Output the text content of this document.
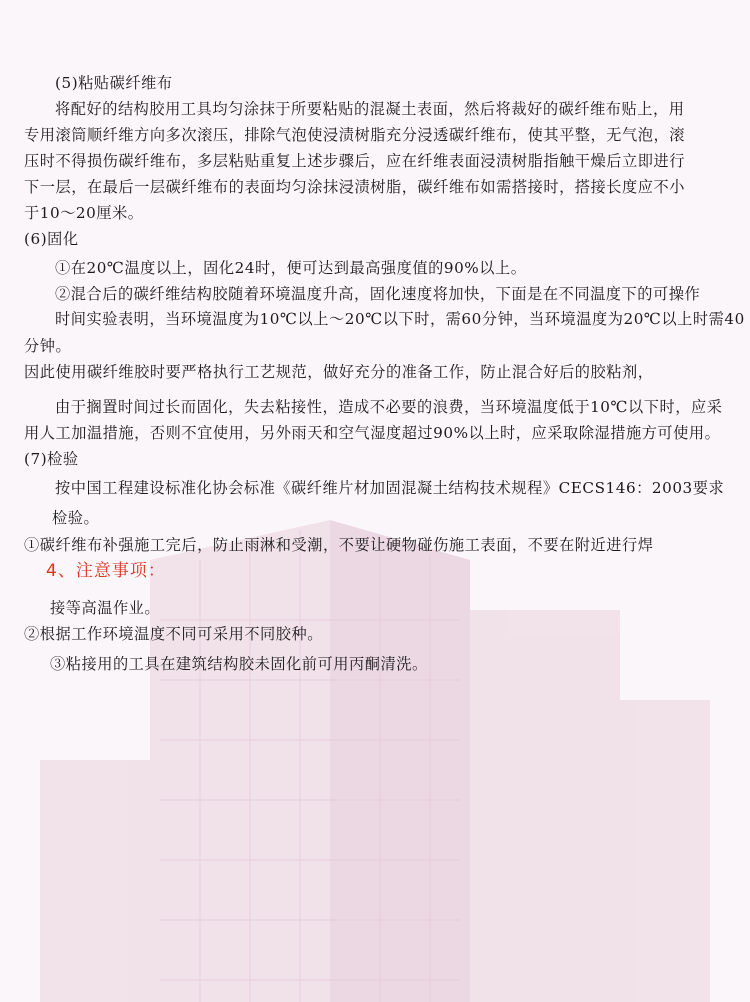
(5)粘贴碳纤维布
将配好的结构胶用工具均匀涂抹于所要粘贴的混凝土表面，然后将裁好的碳纤维布贴上，用
专用滚筒顺纤维方向多次滚压，排除气泡使浸渍树脂充分浸透碳纤维布，使其平整，无气泡，滚
压时不得损伤碳纤维布，多层粘贴重复上述步骤后，应在纤维表面浸渍树脂指触干燥后立即进行
下一层，在最后一层碳纤维布的表面均匀涂抹浸渍树脂，碳纤维布如需搭接时，搭接长度应不小
于10～20厘米。
(6)固化
①在20℃温度以上，固化24时，便可达到最高强度值的90%以上。
②混合后的碳纤维结构胶随着环境温度升高，固化速度将加快，下面是在不同温度下的可操作
时间实验表明，当环境温度为10℃以上～20℃以下时，需60分钟，当环境温度为20℃以上时需40
分钟。
因此使用碳纤维胶时要严格执行工艺规范，做好充分的准备工作，防止混合好后的胶粘剂，
由于搁置时间过长而固化，失去粘接性，造成不必要的浪费，当环境温度低于10℃以下时，应采
用人工加温措施，否则不宜使用，另外雨天和空气湿度超过90%以上时，应采取除湿措施方可使用。
(7)检验
按中国工程建设标准化协会标准《碳纤维片材加固混凝土结构技术规程》CECS146：2003要求
检验。
①碳纤维布补强施工完后，防止雨淋和受潮，不要让硬物碰伤施工表面，不要在附近进行焊
4、注意事项：
接等高温作业。
②根据工作环境温度不同可采用不同胶种。
③粘接用的工具在建筑结构胶未固化前可用丙酮清洗。
